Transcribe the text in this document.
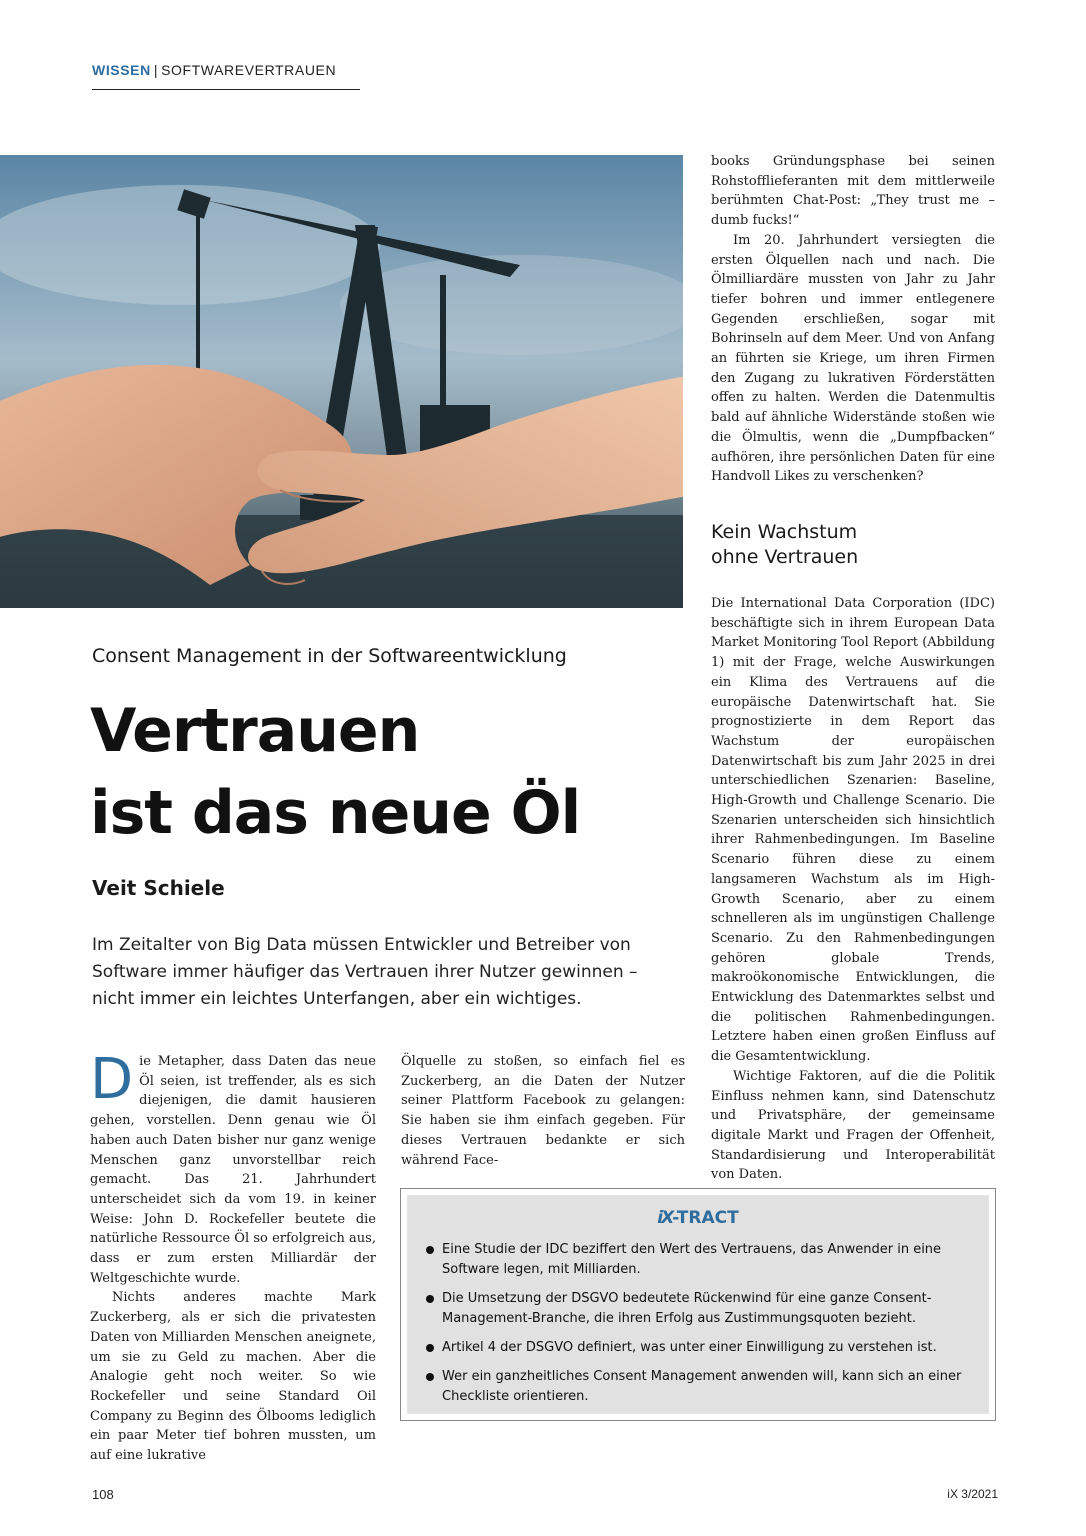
WISSEN | SOFTWAREVERTRAUEN
Consent Management in der Softwareentwicklung
Vertrauen
ist das neue Öl
Veit Schiele
Im Zeitalter von Big Data müssen Entwickler und Betreiber von Software immer häufiger das Vertrauen ihrer Nutzer gewinnen – nicht immer ein leichtes Unterfangen, aber ein wichtiges.

Die Metapher, dass Daten das neue Öl seien, ist treffender, als es sich diejenigen, die damit hausieren gehen, vorstellen. Denn genau wie Öl haben auch Daten bisher nur ganz wenige Menschen ganz unvorstellbar reich gemacht. Das 21. Jahrhundert unterscheidet sich da vom 19. in keiner Weise: John D. Rockefeller beutete die natürliche Ressource Öl so erfolgreich aus, dass er zum ersten Milliardär der Weltgeschichte wurde.

Nichts anderes machte Mark Zuckerberg, als er sich die privatesten Daten von Milliarden Menschen aneignete, um sie zu Geld zu machen. Aber die Analogie geht noch weiter. So wie Rockefeller und seine Standard Oil Company zu Beginn des Ölbooms lediglich ein paar Meter tief bohren mussten, um auf eine lukrative

Ölquelle zu stoßen, so einfach fiel es Zuckerberg, an die Daten der Nutzer seiner Plattform Facebook zu gelangen: Sie haben sie ihm einfach gegeben. Für dieses Vertrauen bedankte er sich während Face-

books Gründungsphase bei seinen Rohstofflieferanten mit dem mittlerweile berühmten Chat-Post: „They trust me – dumb fucks!“

Im 20. Jahrhundert versiegten die ersten Ölquellen nach und nach. Die Ölmilliardäre mussten von Jahr zu Jahr tiefer bohren und immer entlegenere Gegenden erschließen, sogar mit Bohrinseln auf dem Meer. Und von Anfang an führten sie Kriege, um ihren Firmen den Zugang zu lukrativen Förderstätten offen zu halten. Werden die Datenmultis bald auf ähnliche Widerstände stoßen wie die Ölmultis, wenn die „Dumpfbacken“ aufhören, ihre persönlichen Daten für eine Handvoll Likes zu verschenken?

Kein Wachstum
ohne Vertrauen

Die International Data Corporation (IDC) beschäftigte sich in ihrem European Data Market Monitoring Tool Report (Abbildung 1) mit der Frage, welche Auswirkungen ein Klima des Vertrauens auf die europäische Datenwirtschaft hat. Sie prognostizierte in dem Report das Wachstum der europäischen Datenwirtschaft bis zum Jahr 2025 in drei unterschiedlichen Szenarien: Baseline, High-Growth und Challenge Scenario. Die Szenarien unterscheiden sich hinsichtlich ihrer Rahmenbedingungen. Im Baseline Scenario führen diese zu einem langsameren Wachstum als im High-Growth Scenario, aber zu einem schnelleren als im ungünstigen Challenge Scenario. Zu den Rahmenbedingungen gehören globale Trends, makroökonomische Entwicklungen, die Entwicklung des Datenmarktes selbst und die politischen Rahmenbedingungen. Letztere haben einen großen Einfluss auf die Gesamtentwicklung.

Wichtige Faktoren, auf die die Politik Einfluss nehmen kann, sind Datenschutz und Privatsphäre, der gemeinsame digitale Markt und Fragen der Offenheit, Standardisierung und Interoperabilität von Daten.

iX-TRACT
Eine Studie der IDC beziffert den Wert des Vertrauens, das Anwender in eine Software legen, mit Milliarden.
Die Umsetzung der DSGVO bedeutete Rückenwind für eine ganze Consent-Management-Branche, die ihren Erfolg aus Zustimmungsquoten bezieht.
Artikel 4 der DSGVO definiert, was unter einer Einwilligung zu verstehen ist.
Wer ein ganzheitliches Consent Management anwenden will, kann sich an einer Checkliste orientieren.
108	iX 3/2021
